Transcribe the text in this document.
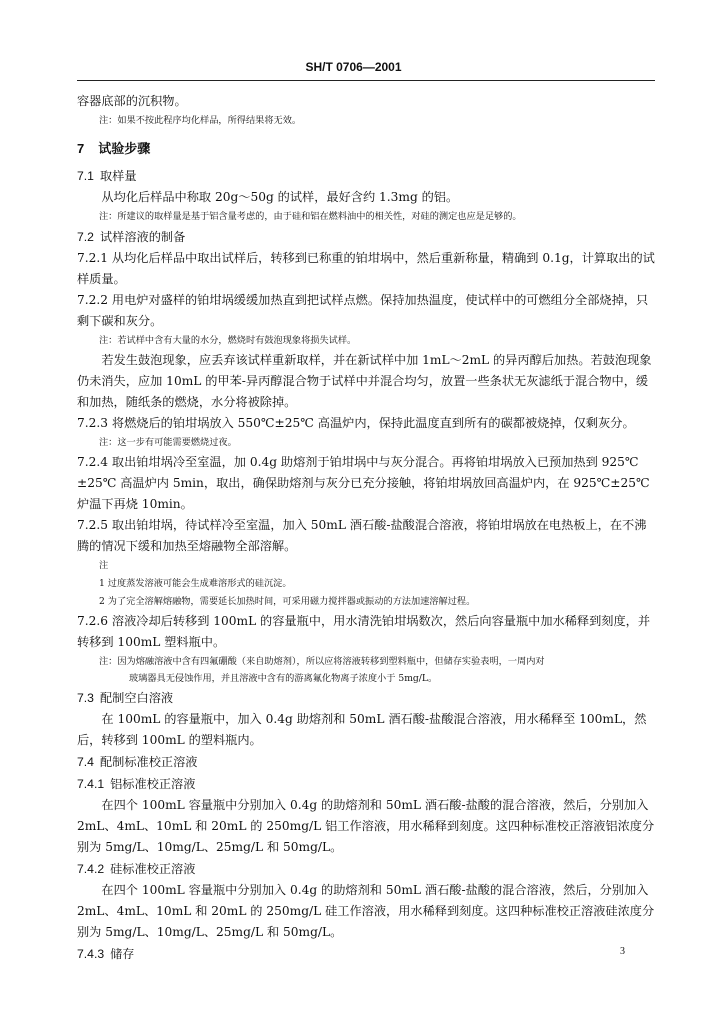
SH/T 0706—2001

容器底部的沉积物。

注：如果不按此程序均化样品，所得结果将无效。

7 试验步骤
7.1 取样量

从均化后样品中称取 20g～50g 的试样，最好含约 1.3mg 的铝。

注：所建议的取样量是基于铝含量考虑的，由于硅和铝在燃料油中的相关性，对硅的测定也应是足够的。

7.2 试样溶液的制备

7.2.1 从均化后样品中取出试样后，转移到已称重的铂坩埚中，然后重新称量，精确到 0.1g，计算取出的试样质量。

7.2.2 用电炉对盛样的铂坩埚缓缓加热直到把试样点燃。保持加热温度，使试样中的可燃组分全部烧掉，只剩下碳和灰分。

注：若试样中含有大量的水分，燃烧时有鼓泡现象将损失试样。

若发生鼓泡现象，应丢弃该试样重新取样，并在新试样中加 1mL～2mL 的异丙醇后加热。若鼓泡现象仍未消失，应加 10mL 的甲苯-异丙醇混合物于试样中并混合均匀，放置一些条状无灰滤纸于混合物中，缓和加热，随纸条的燃烧，水分将被除掉。

7.2.3 将燃烧后的铂坩埚放入 550℃±25℃ 高温炉内，保持此温度直到所有的碳都被烧掉，仅剩灰分。

注：这一步有可能需要燃烧过夜。

7.2.4 取出铂坩埚冷至室温，加 0.4g 助熔剂于铂坩埚中与灰分混合。再将铂坩埚放入已预加热到 925℃±25℃ 高温炉内 5min，取出，确保助熔剂与灰分已充分接触，将铂坩埚放回高温炉内，在 925℃±25℃ 炉温下再烧 10min。

7.2.5 取出铂坩埚，待试样冷至室温，加入 50mL 酒石酸-盐酸混合溶液，将铂坩埚放在电热板上，在不沸腾的情况下缓和加热至熔融物全部溶解。

注

1 过度蒸发溶液可能会生成难溶形式的硅沉淀。

2 为了完全溶解熔融物，需要延长加热时间，可采用磁力搅拌器或振动的方法加速溶解过程。

7.2.6 溶液冷却后转移到 100mL 的容量瓶中，用水清洗铂坩埚数次，然后向容量瓶中加水稀释到刻度，并转移到 100mL 塑料瓶中。

注：因为熔融溶液中含有四氟硼酸（来自助熔剂），所以应将溶液转移到塑料瓶中，但储存实验表明，一周内对
玻璃器具无侵蚀作用，并且溶液中含有的游离氟化物离子浓度小于 5mg/L。
7.3 配制空白溶液

在 100mL 的容量瓶中，加入 0.4g 助熔剂和 50mL 酒石酸-盐酸混合溶液，用水稀释至 100mL，然后，转移到 100mL 的塑料瓶内。

7.4 配制标准校正溶液
7.4.1 铝标准校正溶液

在四个 100mL 容量瓶中分别加入 0.4g 的助熔剂和 50mL 酒石酸-盐酸的混合溶液，然后，分别加入 2mL、4mL、10mL 和 20mL 的 250mg/L 铝工作溶液，用水稀释到刻度。这四种标准校正溶液铝浓度分别为 5mg/L、10mg/L、25mg/L 和 50mg/L。

7.4.2 硅标准校正溶液

在四个 100mL 容量瓶中分别加入 0.4g 的助熔剂和 50mL 酒石酸-盐酸的混合溶液，然后，分别加入 2mL、4mL、10mL 和 20mL 的 250mg/L 硅工作溶液，用水稀释到刻度。这四种标准校正溶液硅浓度分别为 5mg/L、10mg/L、25mg/L 和 50mg/L。

7.4.3 储存	3
